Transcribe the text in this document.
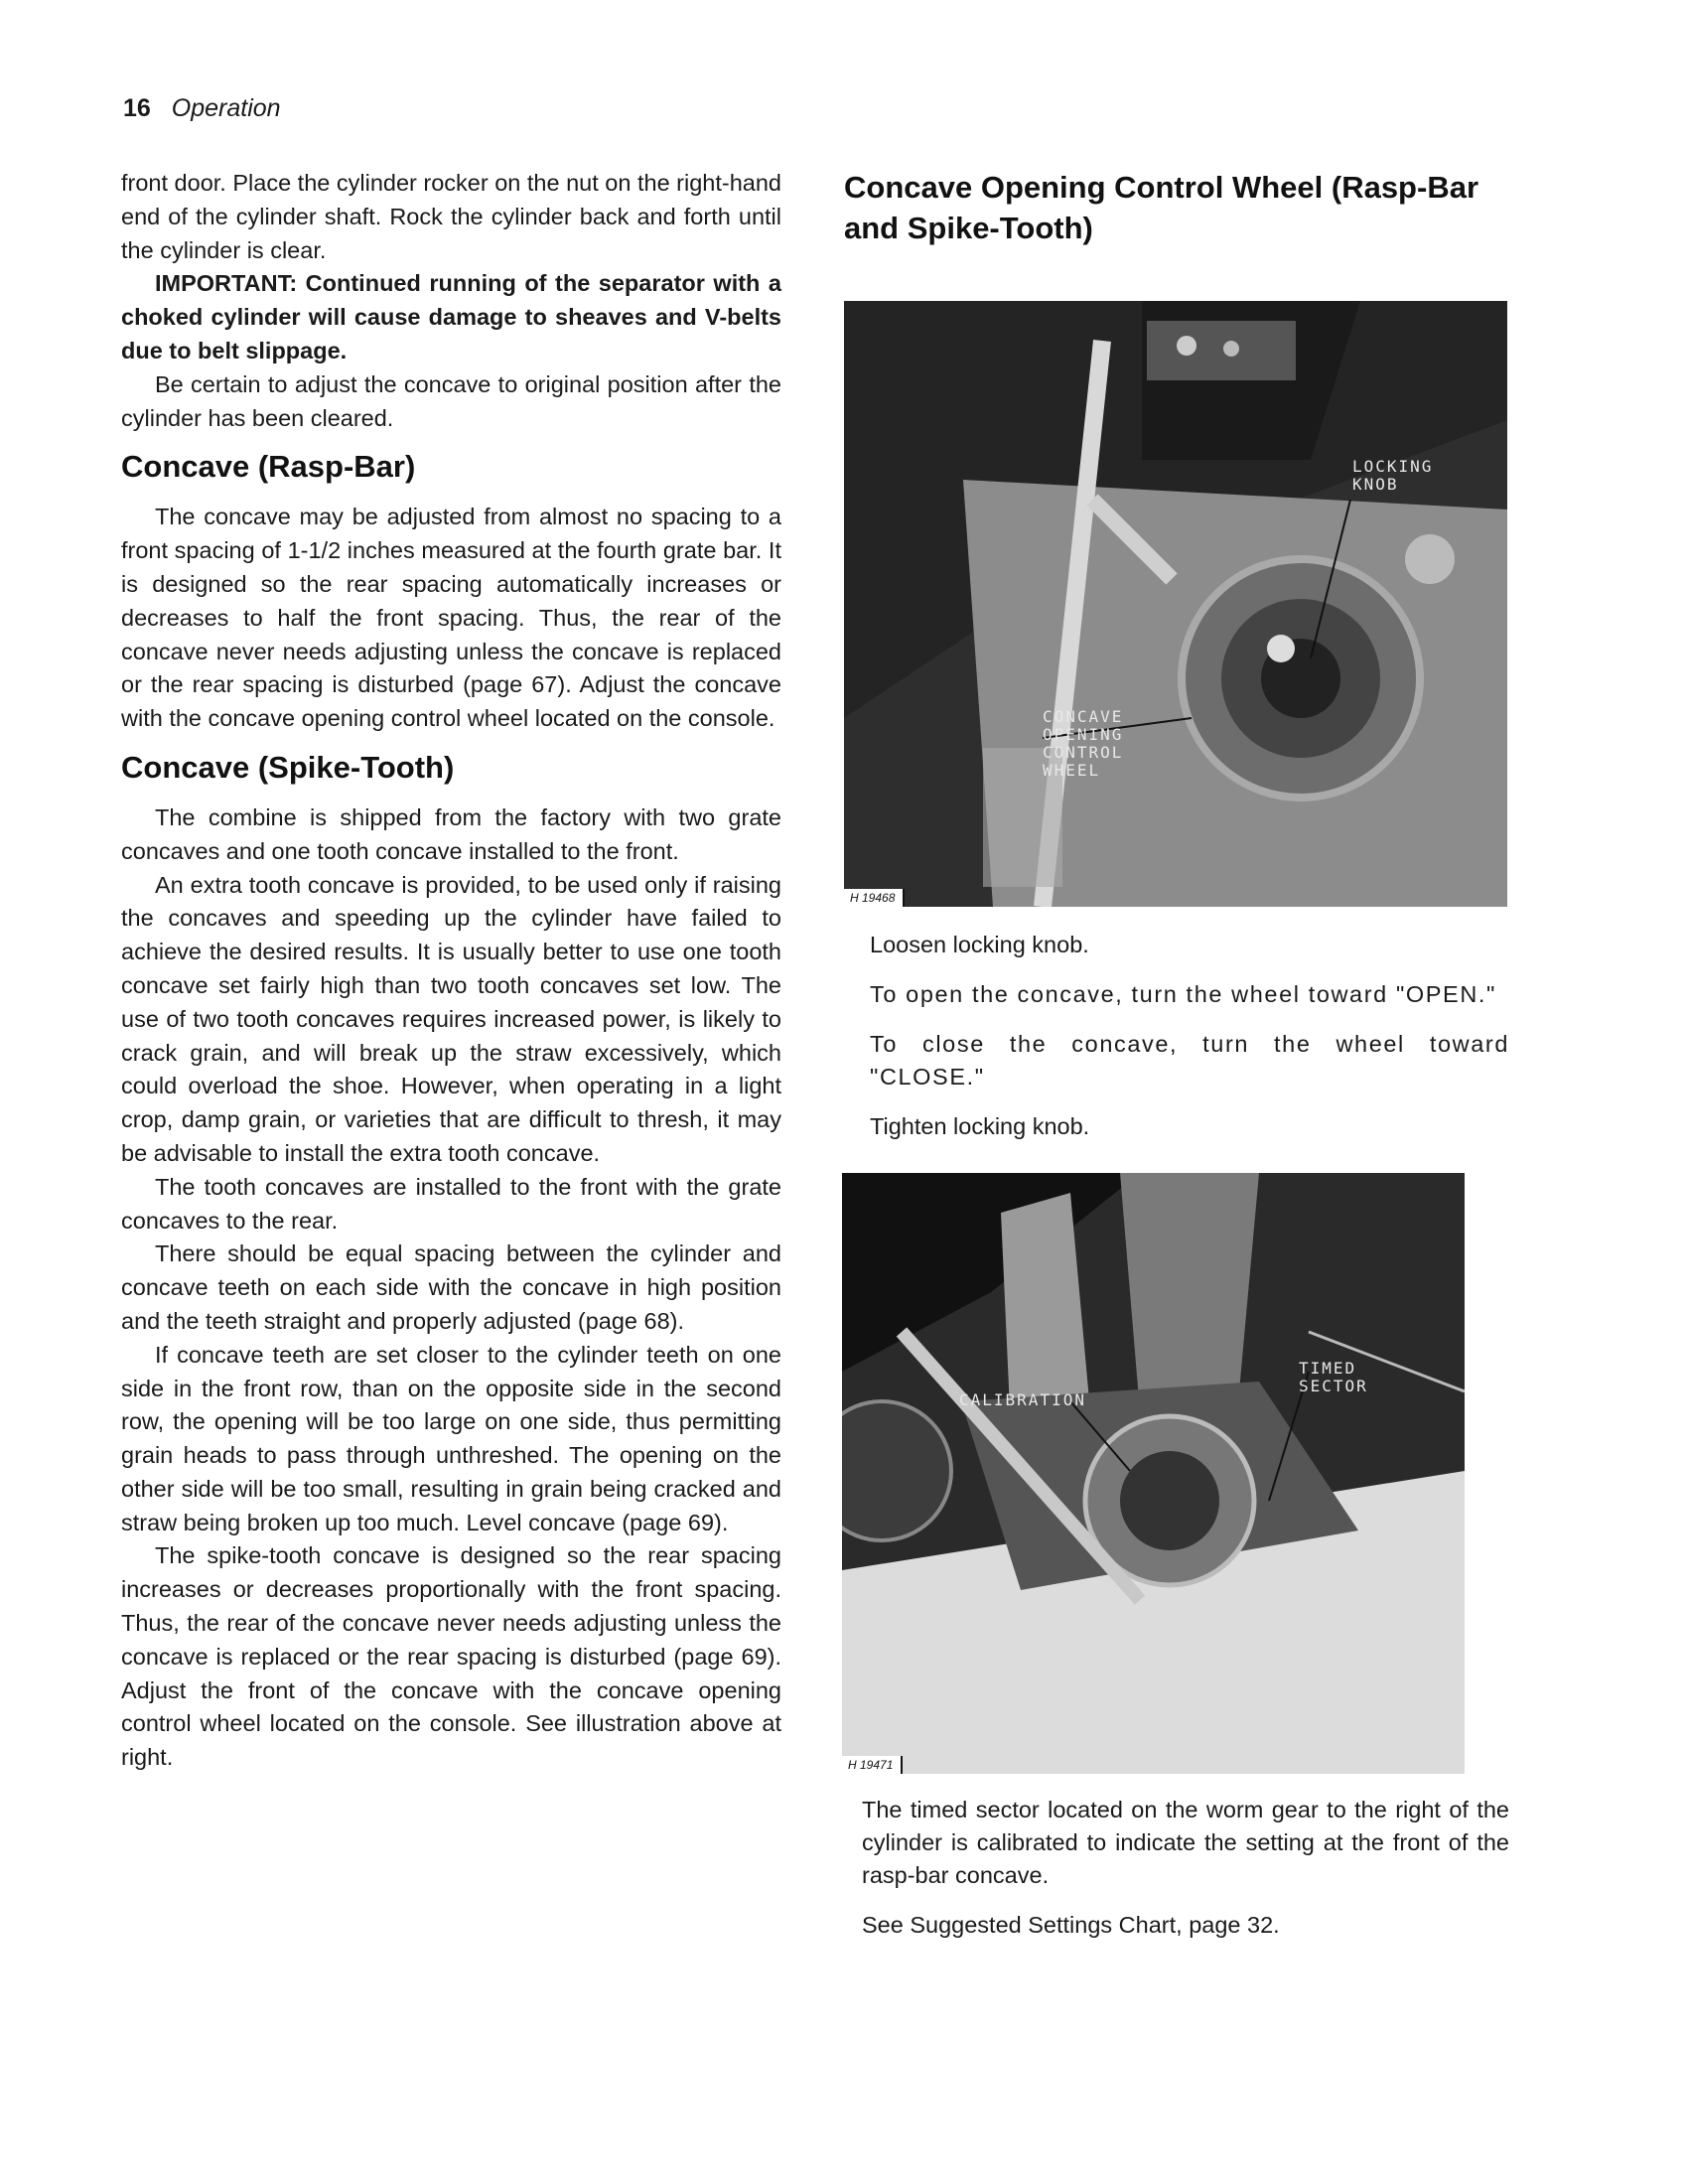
16 Operation

front door. Place the cylinder rocker on the nut on the right-hand end of the cylinder shaft. Rock the cylinder back and forth until the cylinder is clear.

IMPORTANT: Continued running of the separator with a choked cylinder will cause damage to sheaves and V-belts due to belt slippage.

Be certain to adjust the concave to original position after the cylinder has been cleared.

Concave (Rasp-Bar)

The concave may be adjusted from almost no spacing to a front spacing of 1-1/2 inches measured at the fourth grate bar. It is designed so the rear spacing automatically increases or decreases to half the front spacing. Thus, the rear of the concave never needs adjusting unless the concave is replaced or the rear spacing is disturbed (page 67). Adjust the concave with the concave opening control wheel located on the console.

Concave (Spike-Tooth)

The combine is shipped from the factory with two grate concaves and one tooth concave installed to the front.

An extra tooth concave is provided, to be used only if raising the concaves and speeding up the cylinder have failed to achieve the desired results. It is usually better to use one tooth concave set fairly high than two tooth concaves set low. The use of two tooth concaves requires increased power, is likely to crack grain, and will break up the straw excessively, which could overload the shoe. However, when operating in a light crop, damp grain, or varieties that are difficult to thresh, it may be advisable to install the extra tooth concave.

The tooth concaves are installed to the front with the grate concaves to the rear.

There should be equal spacing between the cylinder and concave teeth on each side with the concave in high position and the teeth straight and properly adjusted (page 68).

If concave teeth are set closer to the cylinder teeth on one side in the front row, than on the opposite side in the second row, the opening will be too large on one side, thus permitting grain heads to pass through unthreshed. The opening on the other side will be too small, resulting in grain being cracked and straw being broken up too much. Level concave (page 69).

The spike-tooth concave is designed so the rear spacing increases or decreases proportionally with the front spacing. Thus, the rear of the concave never needs adjusting unless the concave is replaced or the rear spacing is disturbed (page 69). Adjust the front of the concave with the concave opening control wheel located on the console. See illustration above at right.

Concave Opening Control Wheel (Rasp-Bar and Spike-Tooth)
LOCKING
KNOB
CONCAVE
OPENING
CONTROL
WHEEL
H 19468

Loosen locking knob.

To open the concave, turn the wheel toward "OPEN."

To close the concave, turn the wheel toward "CLOSE."

Tighten locking knob.

CALIBRATION
TIMED
SECTOR
H 19471

The timed sector located on the worm gear to the right of the cylinder is calibrated to indicate the setting at the front of the rasp-bar concave.

See Suggested Settings Chart, page 32.
